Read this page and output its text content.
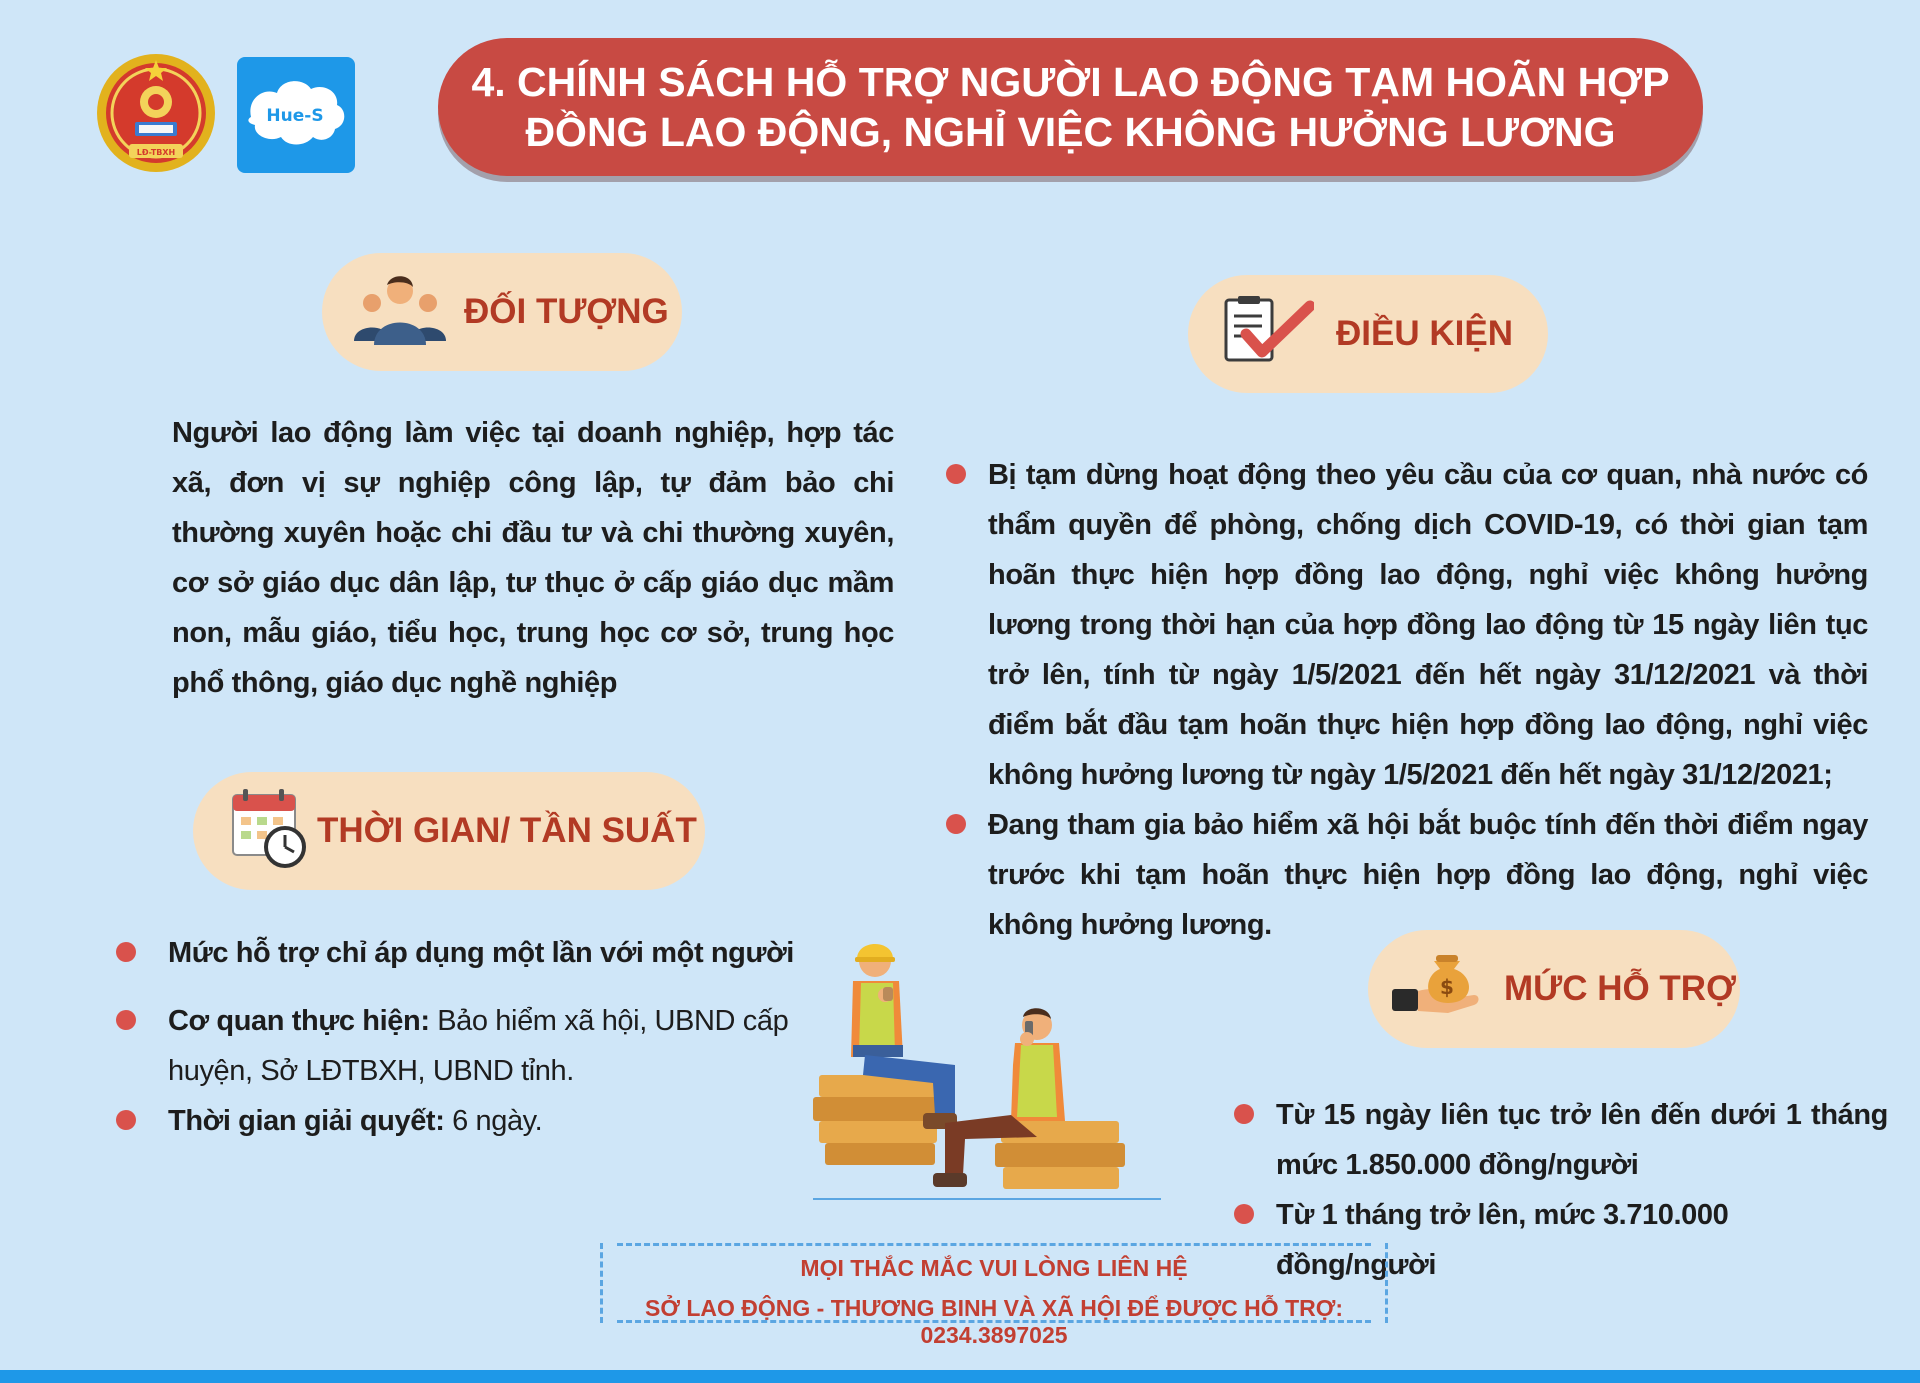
LĐ-TBXH
Hue-S
4. CHÍNH SÁCH HỖ TRỢ NGƯỜI LAO ĐỘNG TẠM HOÃN HỢP
ĐỒNG LAO ĐỘNG, NGHỈ VIỆC KHÔNG HƯỞNG LƯƠNG
ĐỐI TƯỢNG
Người lao động làm việc tại doanh nghiệp, hợp tác xã, đơn vị sự nghiệp công lập, tự đảm bảo chi thường xuyên hoặc chi đầu tư và chi thường xuyên, cơ sở giáo dục dân lập, tư thục ở cấp giáo dục mầm non, mẫu giáo, tiểu học, trung học cơ sở, trung học phổ thông, giáo dục nghề nghiệp
ĐIỀU KIỆN
Bị tạm dừng hoạt động theo yêu cầu của cơ quan, nhà nước có thẩm quyền để phòng, chống dịch COVID-19, có thời gian tạm hoãn thực hiện hợp đồng lao động, nghỉ việc không hưởng lương trong thời hạn của hợp đồng lao động từ 15 ngày liên tục trở lên, tính từ ngày 1/5/2021 đến hết ngày 31/12/2021 và thời điểm bắt đầu tạm hoãn thực hiện hợp đồng lao động, nghỉ việc không hưởng lương từ ngày 1/5/2021 đến hết ngày 31/12/2021;
Đang tham gia bảo hiểm xã hội bắt buộc tính đến thời điểm ngay trước khi tạm hoãn thực hiện hợp đồng lao động, nghỉ việc không hưởng lương.
THỜI GIAN/ TẦN SUẤT
Mức hỗ trợ chỉ áp dụng một lần với một người
Cơ quan thực hiện: Bảo hiểm xã hội, UBND cấp huyện, Sở LĐTBXH, UBND tỉnh.
Thời gian giải quyết: 6 ngày.
$ MỨC HỖ TRỢ
Từ 15 ngày liên tục trở lên đến dưới 1 tháng mức 1.850.000 đồng/người
Từ 1 tháng trở lên, mức 3.710.000 đồng/người
MỌI THẮC MẮC VUI LÒNG LIÊN HỆ
SỞ LAO ĐỘNG - THƯƠNG BINH VÀ XÃ HỘI ĐỂ ĐƯỢC HỖ TRỢ: 0234.3897025
